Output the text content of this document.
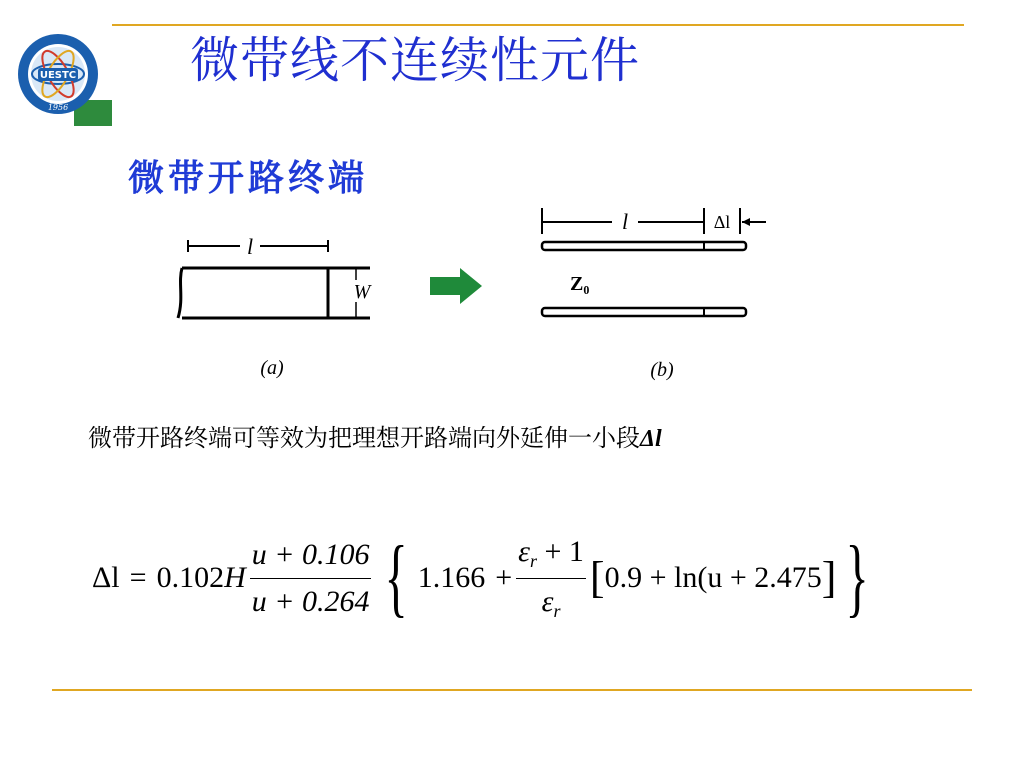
UESTC
1956
微带线不连续性元件
微带开路终端
l
W
(a)
l	Δl
Z₀
(b)
微带开路终端可等效为把理想开路端向外延伸一小段Δl
Δl = 0.102 H $\frac{u + 0.106}{u + 0.264}$ { $1.166 + \frac{\varepsilon_r + 1}{\varepsilon_r}$ [ 0.9 + ln(u + 2.475 ] }
